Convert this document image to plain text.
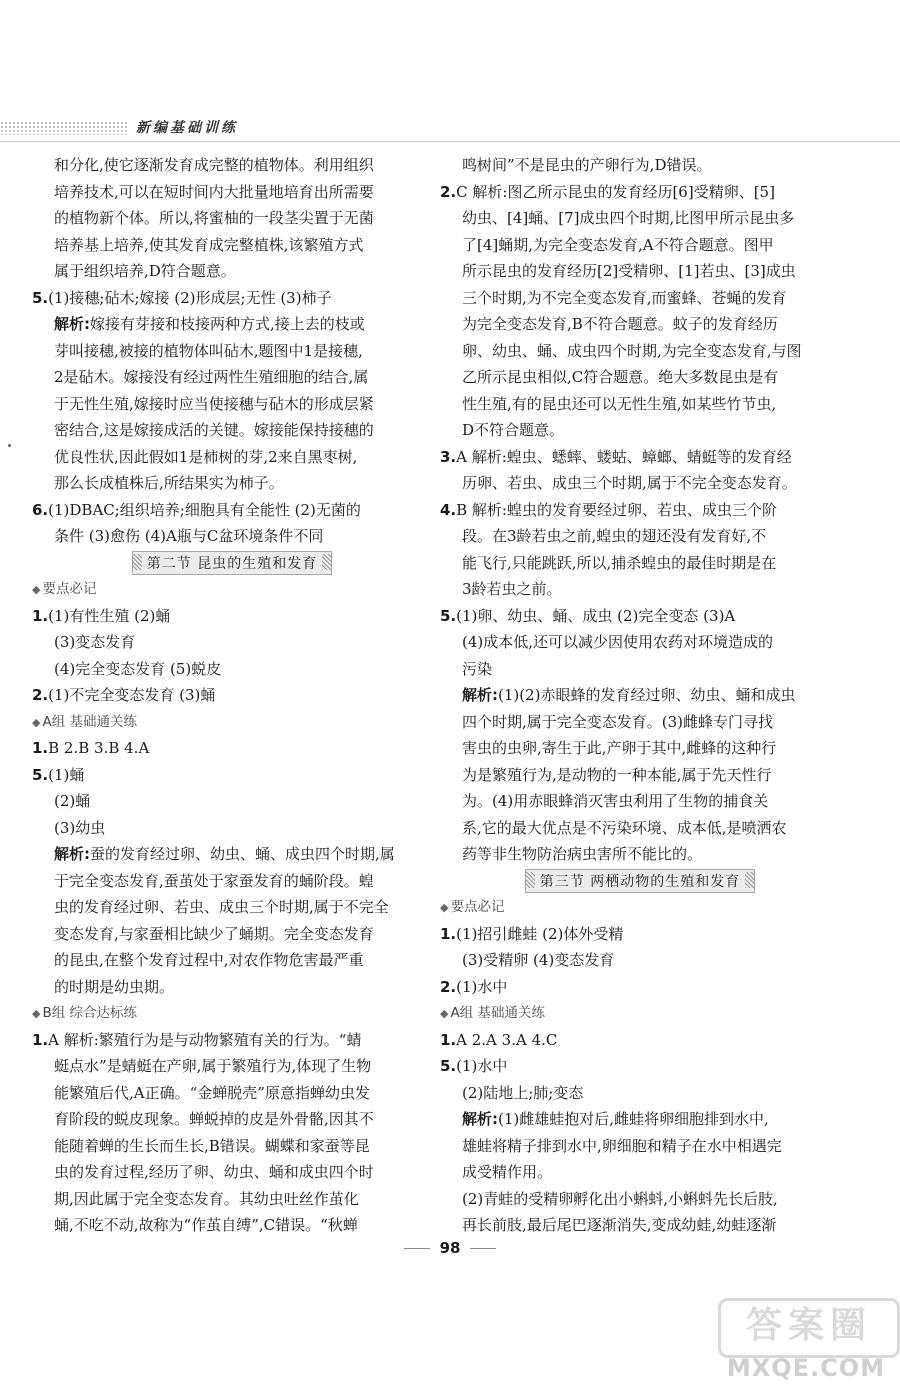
新编基础训练
和分化,使它逐渐发育成完整的植物体。利用组织
培养技术,可以在短时间内大批量地培育出所需要
的植物新个体。所以,将蜜柚的一段茎尖置于无菌
培养基上培养,使其发育成完整植株,该繁殖方式
属于组织培养,D符合题意。
5.(1)接穗;砧木;嫁接 (2)形成层;无性 (3)柿子
解析:嫁接有芽接和枝接两种方式,接上去的枝或
芽叫接穗,被接的植物体叫砧木,题图中1是接穗,
2是砧木。嫁接没有经过两性生殖细胞的结合,属
于无性生殖,嫁接时应当使接穗与砧木的形成层紧
密结合,这是嫁接成活的关键。嫁接能保持接穗的
优良性状,因此假如1是柿树的芽,2来自黑枣树,
那么长成植株后,所结果实为柿子。
6.(1)DBAC;组织培养;细胞具有全能性 (2)无菌的
条件 (3)愈伤 (4)A瓶与C盆环境条件不同
第二节 昆虫的生殖和发育
◆ 要点必记
1.(1)有性生殖 (2)蛹
(3)变态发育
(4)完全变态发育 (5)蜕皮
2.(1)不完全变态发育 (3)蛹
◆ A组 基础通关练
1.B 2.B 3.B 4.A
5.(1)蛹
(2)蛹
(3)幼虫
解析:蚕的发育经过卵、幼虫、蛹、成虫四个时期,属
于完全变态发育,蚕茧处于家蚕发育的蛹阶段。蝗
虫的发育经过卵、若虫、成虫三个时期,属于不完全
变态发育,与家蚕相比缺少了蛹期。完全变态发育
的昆虫,在整个发育过程中,对农作物危害最严重
的时期是幼虫期。
◆ B组 综合达标练
1.A 解析:繁殖行为是与动物繁殖有关的行为。“蜻
蜓点水”是蜻蜓在产卵,属于繁殖行为,体现了生物
能繁殖后代,A正确。“金蝉脱壳”原意指蝉幼虫发
育阶段的蜕皮现象。蝉蜕掉的皮是外骨骼,因其不
能随着蝉的生长而生长,B错误。蝴蝶和家蚕等昆
虫的发育过程,经历了卵、幼虫、蛹和成虫四个时
期,因此属于完全变态发育。其幼虫吐丝作茧化
蛹,不吃不动,故称为“作茧自缚”,C错误。“秋蝉
鸣树间”不是昆虫的产卵行为,D错误。
2.C 解析:图乙所示昆虫的发育经历[6]受精卵、[5]
幼虫、[4]蛹、[7]成虫四个时期,比图甲所示昆虫多
了[4]蛹期,为完全变态发育,A不符合题意。图甲
所示昆虫的发育经历[2]受精卵、[1]若虫、[3]成虫
三个时期,为不完全变态发育,而蜜蜂、苍蝇的发育
为完全变态发育,B不符合题意。蚊子的发育经历
卵、幼虫、蛹、成虫四个时期,为完全变态发育,与图
乙所示昆虫相似,C符合题意。绝大多数昆虫是有
性生殖,有的昆虫还可以无性生殖,如某些竹节虫,
D不符合题意。
3.A 解析:蝗虫、蟋蟀、蝼蛄、蟑螂、蜻蜓等的发育经
历卵、若虫、成虫三个时期,属于不完全变态发育。
4.B 解析:蝗虫的发育要经过卵、若虫、成虫三个阶
段。在3龄若虫之前,蝗虫的翅还没有发育好,不
能飞行,只能跳跃,所以,捕杀蝗虫的最佳时期是在
3龄若虫之前。
5.(1)卵、幼虫、蛹、成虫 (2)完全变态 (3)A
(4)成本低,还可以减少因使用农药对环境造成的
污染
解析:(1)(2)赤眼蜂的发育经过卵、幼虫、蛹和成虫
四个时期,属于完全变态发育。(3)雌蜂专门寻找
害虫的虫卵,寄生于此,产卵于其中,雌蜂的这种行
为是繁殖行为,是动物的一种本能,属于先天性行
为。(4)用赤眼蜂消灭害虫利用了生物的捕食关
系,它的最大优点是不污染环境、成本低,是喷洒农
药等非生物防治病虫害所不能比的。
第三节 两栖动物的生殖和发育
◆ 要点必记
1.(1)招引雌蛙 (2)体外受精
(3)受精卵 (4)变态发育
2.(1)水中
◆ A组 基础通关练
1.A 2.A 3.A 4.C
5.(1)水中
(2)陆地上;肺;变态
解析:(1)雌雄蛙抱对后,雌蛙将卵细胞排到水中,
雄蛙将精子排到水中,卵细胞和精子在水中相遇完
成受精作用。
(2)青蛙的受精卵孵化出小蝌蚪,小蝌蚪先长后肢,
再长前肢,最后尾巴逐渐消失,变成幼蛙,幼蛙逐渐
98
答案圈
MXQE.COM
